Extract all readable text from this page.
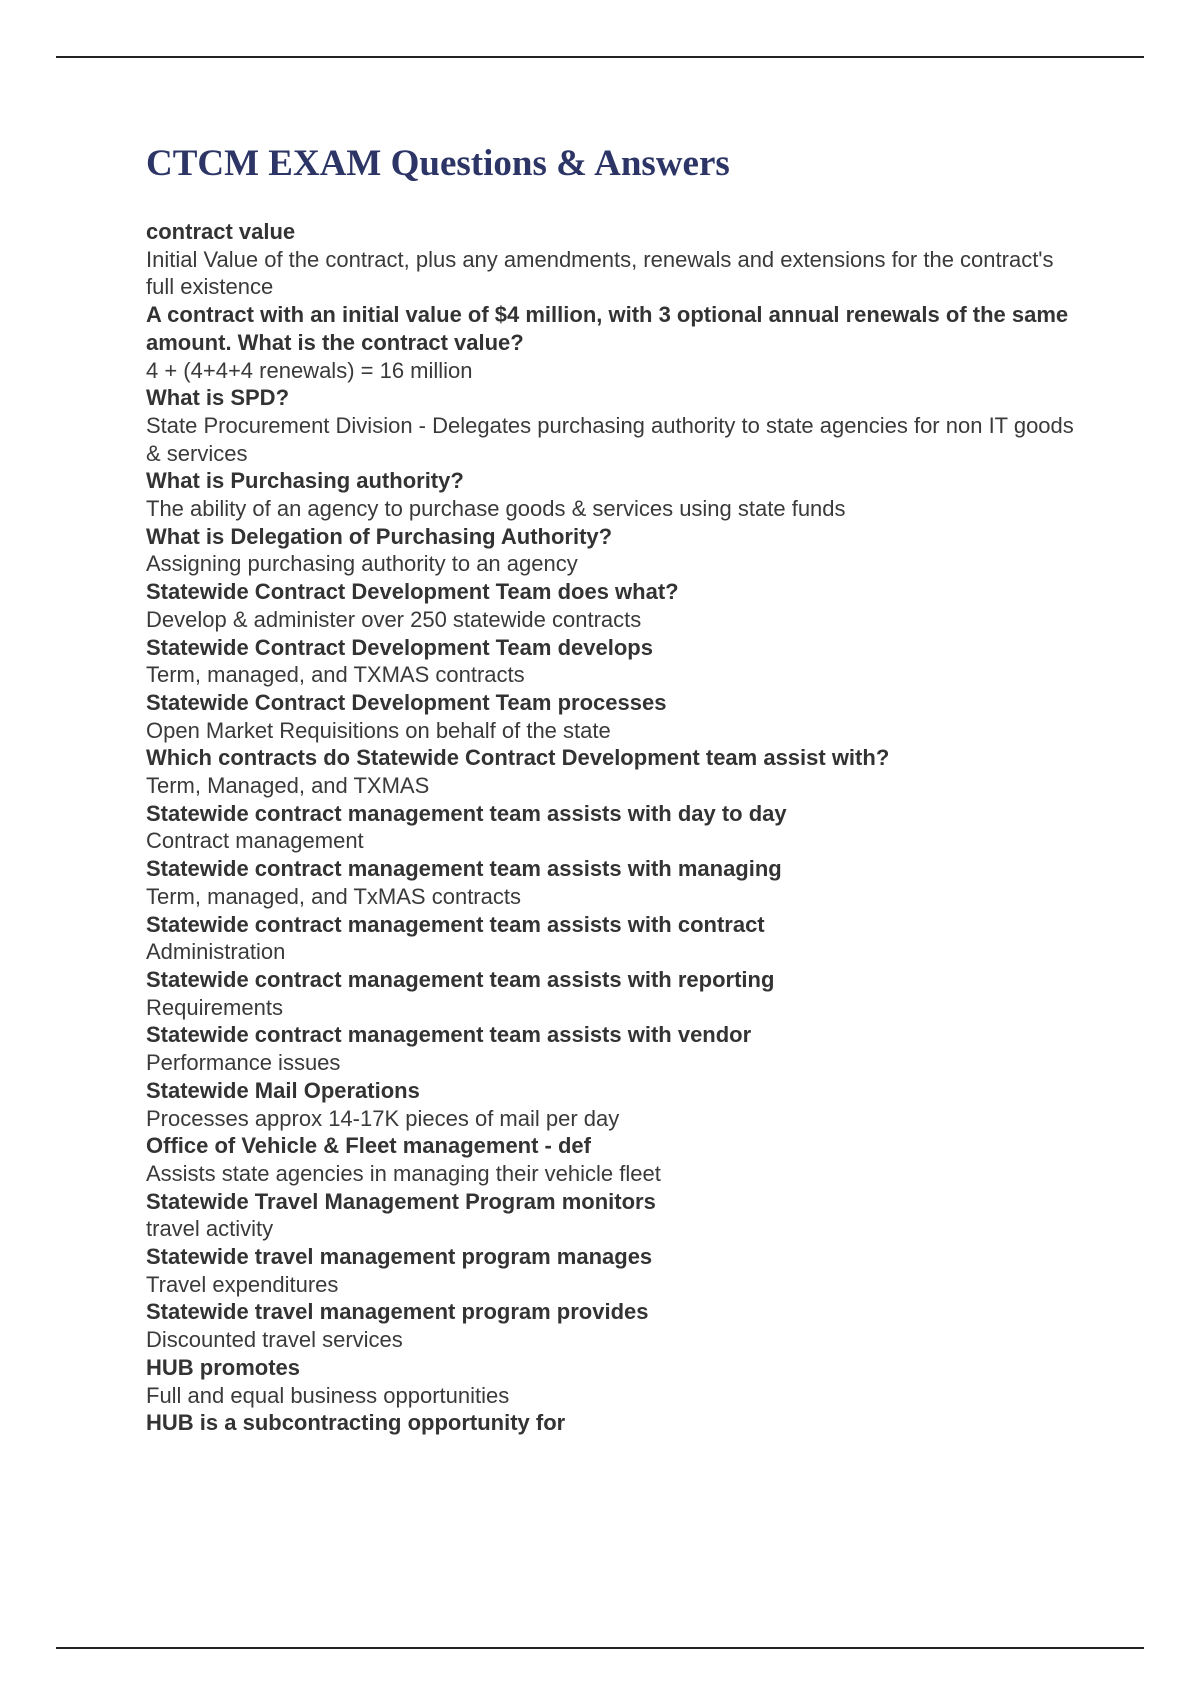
CTCM EXAM Questions & Answers
contract value
Initial Value of the contract, plus any amendments, renewals and extensions for the contract's full existence
A contract with an initial value of $4 million, with 3 optional annual renewals of the same amount. What is the contract value?
4 + (4+4+4 renewals) = 16 million
What is SPD?
State Procurement Division - Delegates purchasing authority to state agencies for non IT goods & services
What is Purchasing authority?
The ability of an agency to purchase goods & services using state funds
What is Delegation of Purchasing Authority?
Assigning purchasing authority to an agency
Statewide Contract Development Team does what?
Develop & administer over 250 statewide contracts
Statewide Contract Development Team develops
Term, managed, and TXMAS contracts
Statewide Contract Development Team processes
Open Market Requisitions on behalf of the state
Which contracts do Statewide Contract Development team assist with?
Term, Managed, and TXMAS
Statewide contract management team assists with day to day
Contract management
Statewide contract management team assists with managing
Term, managed, and TxMAS contracts
Statewide contract management team assists with contract
Administration
Statewide contract management team assists with reporting
Requirements
Statewide contract management team assists with vendor
Performance issues
Statewide Mail Operations
Processes approx 14-17K pieces of mail per day
Office of Vehicle & Fleet management - def
Assists state agencies in managing their vehicle fleet
Statewide Travel Management Program monitors
travel activity
Statewide travel management program manages
Travel expenditures
Statewide travel management program provides
Discounted travel services
HUB promotes
Full and equal business opportunities
HUB is a subcontracting opportunity for
